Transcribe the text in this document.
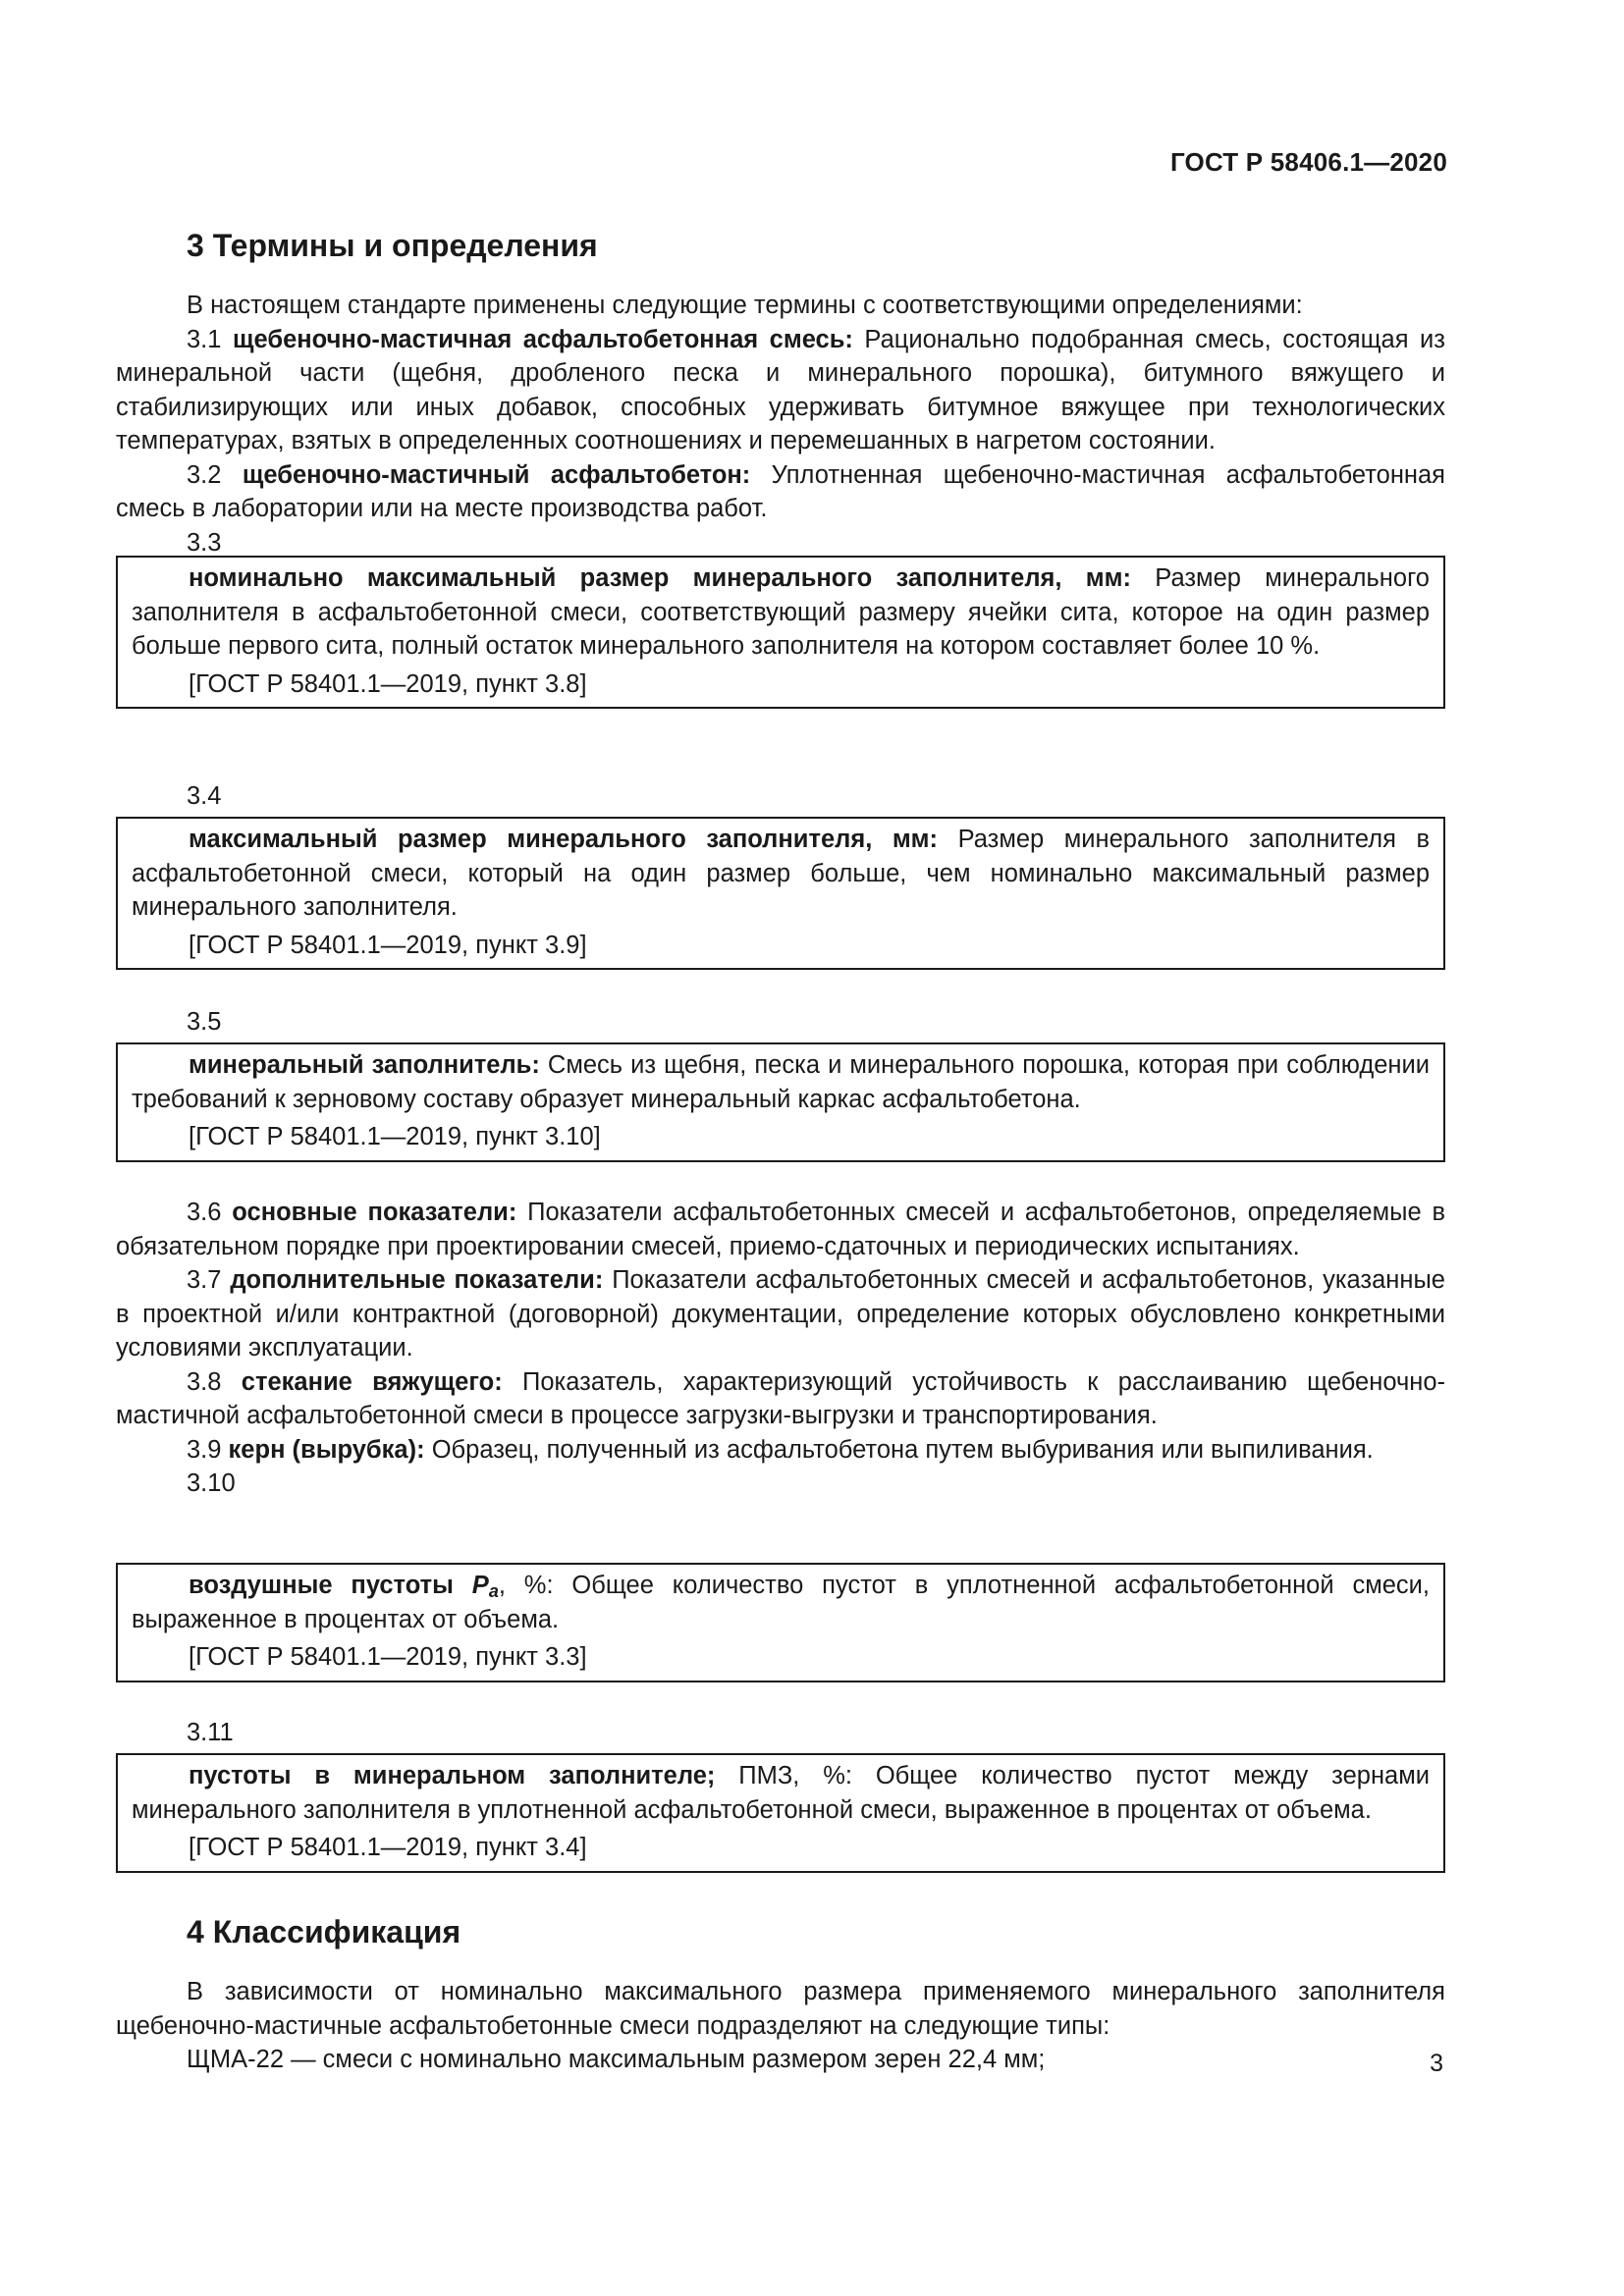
ГОСТ Р 58406.1—2020
3 Термины и определения

В настоящем стандарте применены следующие термины с соответствующими определениями:

3.1 щебеночно-мастичная асфальтобетонная смесь: Рационально подобранная смесь, состоящая из минеральной части (щебня, дробленого песка и минерального порошка), битумного вяжущего и стабилизирующих или иных добавок, способных удерживать битумное вяжущее при технологических температурах, взятых в определенных соотношениях и перемешанных в нагретом состоянии.

3.2 щебеночно-мастичный асфальтобетон: Уплотненная щебеночно-мастичная асфальтобетонная смесь в лаборатории или на месте производства работ.

3.3

номинально максимальный размер минерального заполнителя, мм: Размер минерального заполнителя в асфальтобетонной смеси, соответствующий размеру ячейки сита, которое на один размер больше первого сита, полный остаток минерального заполнителя на котором составляет более 10 %.

[ГОСТ Р 58401.1—2019, пункт 3.8]

3.4

максимальный размер минерального заполнителя, мм: Размер минерального заполнителя в асфальтобетонной смеси, который на один размер больше, чем номинально максимальный размер минерального заполнителя.

[ГОСТ Р 58401.1—2019, пункт 3.9]

3.5

минеральный заполнитель: Смесь из щебня, песка и минерального порошка, которая при соблюдении требований к зерновому составу образует минеральный каркас асфальтобетона.

[ГОСТ Р 58401.1—2019, пункт 3.10]

3.6 основные показатели: Показатели асфальтобетонных смесей и асфальтобетонов, определяемые в обязательном порядке при проектировании смесей, приемо-сдаточных и периодических испытаниях.

3.7 дополнительные показатели: Показатели асфальтобетонных смесей и асфальтобетонов, указанные в проектной и/или контрактной (договорной) документации, определение которых обусловлено конкретными условиями эксплуатации.

3.8 стекание вяжущего: Показатель, характеризующий устойчивость к расслаиванию щебеночно-мастичной асфальтобетонной смеси в процессе загрузки-выгрузки и транспортирования.

3.9 керн (вырубка): Образец, полученный из асфальтобетона путем выбуривания или выпиливания.

3.10

воздушные пустоты $P_a$, %: Общее количество пустот в уплотненной асфальтобетонной смеси, выраженное в процентах от объема.

[ГОСТ Р 58401.1—2019, пункт 3.3]

3.11

пустоты в минеральном заполнителе; ПМЗ, %: Общее количество пустот между зернами минерального заполнителя в уплотненной асфальтобетонной смеси, выраженное в процентах от объема.

[ГОСТ Р 58401.1—2019, пункт 3.4]

4 Классификация

В зависимости от номинально максимального размера применяемого минерального заполнителя щебеночно-мастичные асфальтобетонные смеси подразделяют на следующие типы:

ЩМА-22 — смеси с номинально максимальным размером зерен 22,4 мм;	3
